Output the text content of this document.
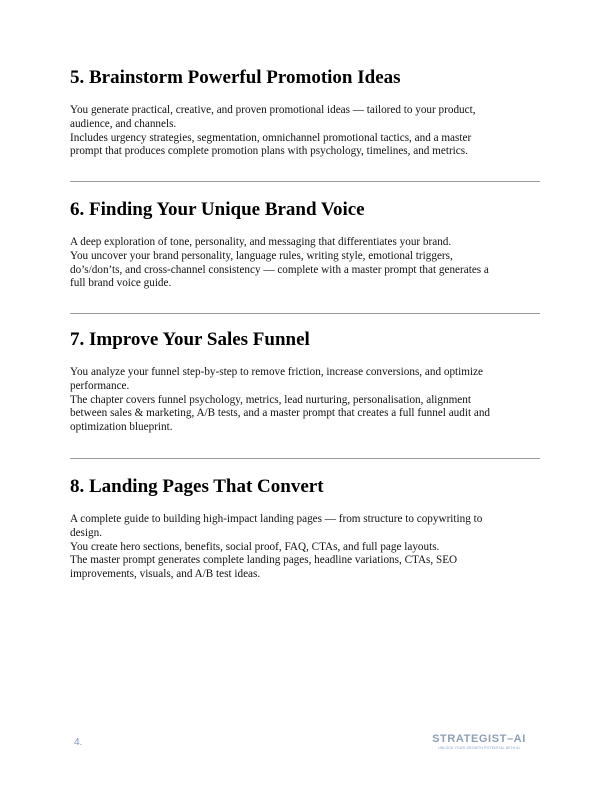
5. Brainstorm Powerful Promotion Ideas

You generate practical, creative, and proven promotional ideas — tailored to your product,
audience, and channels.
Includes urgency strategies, segmentation, omnichannel promotional tactics, and a master
prompt that produces complete promotion plans with psychology, timelines, and metrics.

6. Finding Your Unique Brand Voice

A deep exploration of tone, personality, and messaging that differentiates your brand.
You uncover your brand personality, language rules, writing style, emotional triggers,
do’s/don’ts, and cross-channel consistency — complete with a master prompt that generates a
full brand voice guide.

7. Improve Your Sales Funnel

You analyze your funnel step-by-step to remove friction, increase conversions, and optimize
performance.
The chapter covers funnel psychology, metrics, lead nurturing, personalisation, alignment
between sales & marketing, A/B tests, and a master prompt that creates a full funnel audit and
optimization blueprint.

8. Landing Pages That Convert

A complete guide to building high-impact landing pages — from structure to copywriting to
design.
You create hero sections, benefits, social proof, FAQ, CTAs, and full page layouts.
The master prompt generates complete landing pages, headline variations, CTAs, SEO
improvements, visuals, and A/B test ideas.

4.	STRATEGIST–AI
UNLOCK YOUR GROWTH POTENTIAL WITH AI
